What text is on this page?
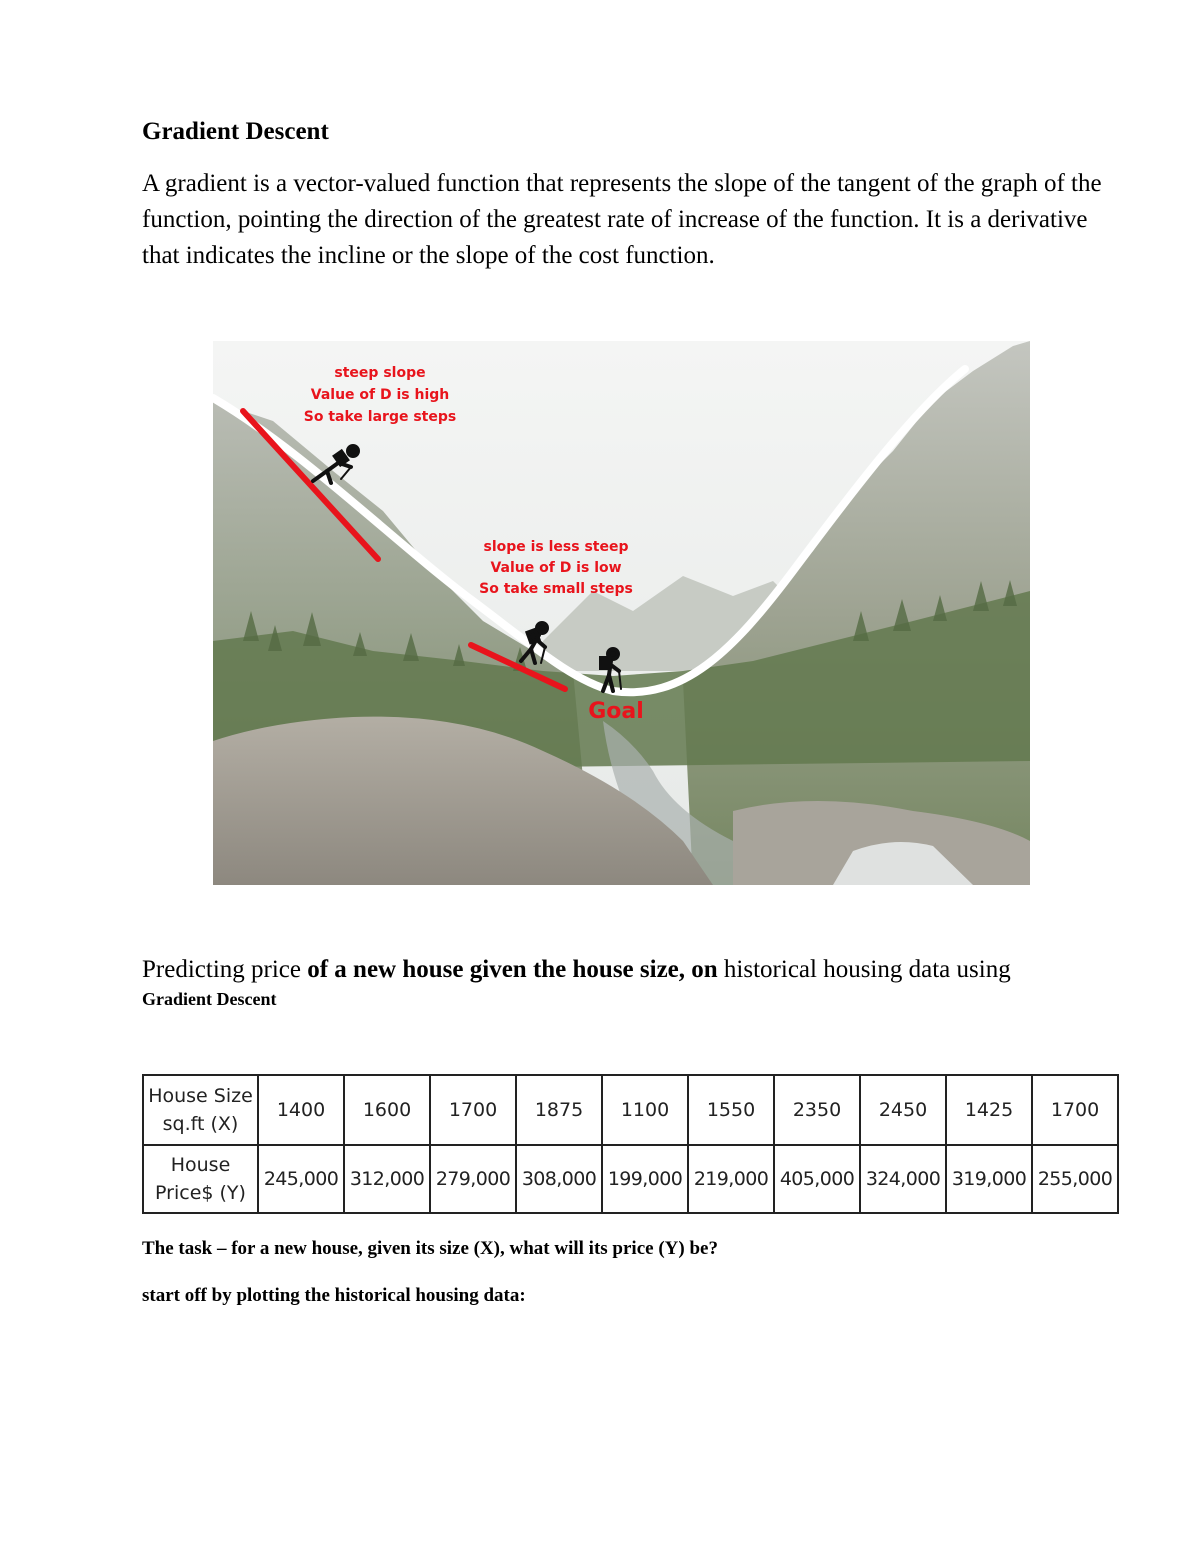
Gradient Descent

A gradient is a vector-valued function that represents the slope of the tangent of the graph of the function, pointing the direction of the greatest rate of increase of the function. It is a derivative that indicates the incline or the slope of the cost function.

steep slope
Value of D is high
So take large steps
slope is less steep
Value of D is low
So take small steps
Goal
Predicting price of a new house given the house size, on historical housing data using
Gradient Descent
House Size
sq.ft (X)	1400	1600	1700	1875	1100	1550	2350	2450	1425	1700
House
Price$ (Y)	245,000	312,000	279,000	308,000	199,000	219,000	405,000	324,000	319,000	255,000
The task – for a new house, given its size (X), what will its price (Y) be?
start off by plotting the historical housing data:
